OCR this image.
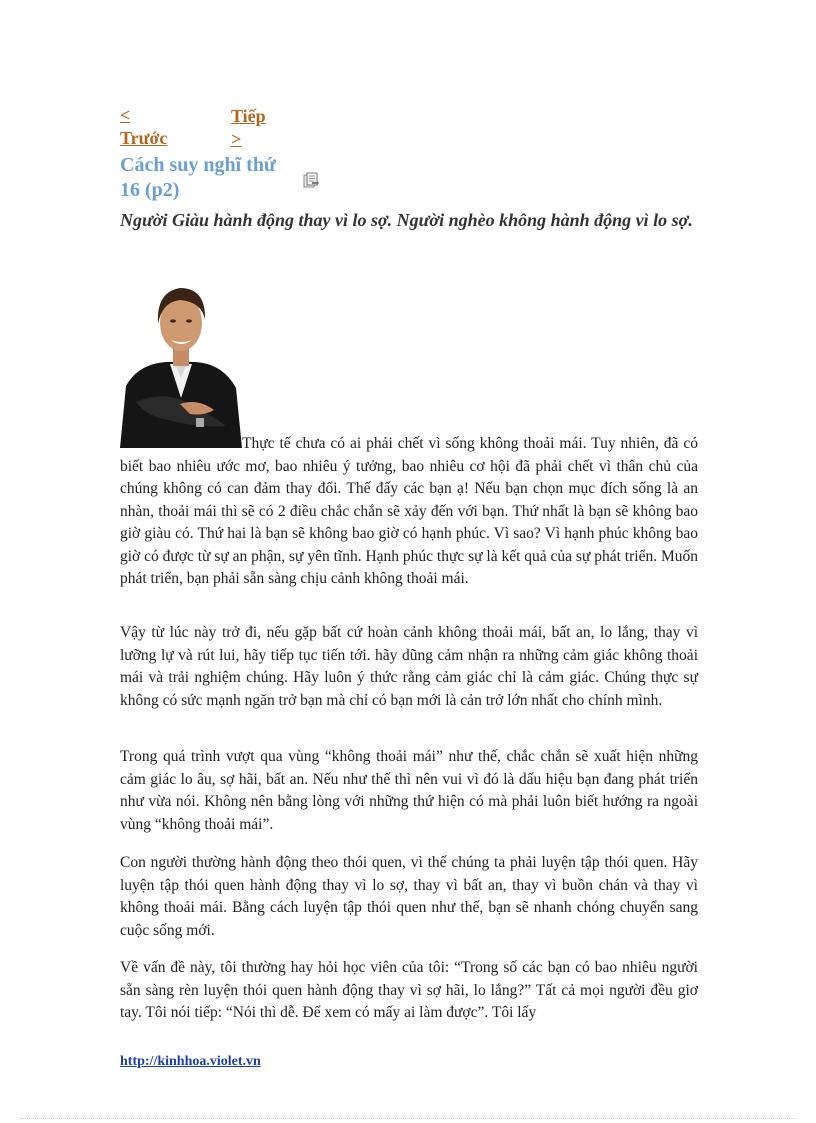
<
Trước
Tiếp
>
Cách suy nghĩ thứ 16 (p2)
Người Giàu hành động thay vì lo sợ. Người nghèo không hành động vì lo sợ.

Thực tế chưa có ai phải chết vì sống không thoải mái. Tuy nhiên, đã có biết bao nhiêu ước mơ, bao nhiêu ý tưởng, bao nhiêu cơ hội đã phải chết vì thân chủ của chúng không có can đảm thay đổi. Thế đấy các bạn ạ! Nếu bạn chọn mục đích sống là an nhàn, thoải mái thì sẽ có 2 điều chắc chắn sẽ xảy đến với bạn. Thứ nhất là bạn sẽ không bao giờ giàu có. Thứ hai là bạn sẽ không bao giờ có hạnh phúc. Vì sao? Vì hạnh phúc không bao giờ có được từ sự an phận, sự yên tĩnh. Hạnh phúc thực sự là kết quả của sự phát triển. Muốn phát triển, bạn phải sẵn sàng chịu cảnh không thoải mái.

Vậy từ lúc này trở đi, nếu gặp bất cứ hoàn cảnh không thoải mái, bất an, lo lắng, thay vì lưỡng lự và rút lui, hãy tiếp tục tiến tới. hãy dũng cảm nhận ra những cảm giác không thoải mái và trải nghiệm chúng. Hãy luôn ý thức rằng cảm giác chỉ là cảm giác. Chúng thực sự không có sức mạnh ngăn trở bạn mà chỉ có bạn mới là cản trở lớn nhất cho chính mình.

Trong quá trình vượt qua vùng “không thoải mái” như thế, chắc chắn sẽ xuất hiện những cảm giác lo âu, sợ hãi, bất an. Nếu như thế thì nên vui vì đó là dấu hiệu bạn đang phát triển như vừa nói. Không nên bằng lòng với những thứ hiện có mà phải luôn biết hướng ra ngoài vùng “không thoải mái”.

Con người thường hành động theo thói quen, vì thế chúng ta phải luyện tập thói quen. Hãy luyện tập thói quen hành động thay vì lo sợ, thay vì bất an, thay vì buồn chán và thay vì không thoải mái. Bằng cách luyện tập thói quen như thế, bạn sẽ nhanh chóng chuyển sang cuộc sống mới.

Về vấn đề này, tôi thường hay hỏi học viên của tôi: “Trong số các bạn có bao nhiêu người sẵn sàng rèn luyện thói quen hành động thay vì sợ hãi, lo lắng?” Tất cả mọi người đều giơ tay. Tôi nói tiếp: “Nói thì dễ. Để xem có mấy ai làm được”. Tôi lấy

http://kinhhoa.violet.vn
